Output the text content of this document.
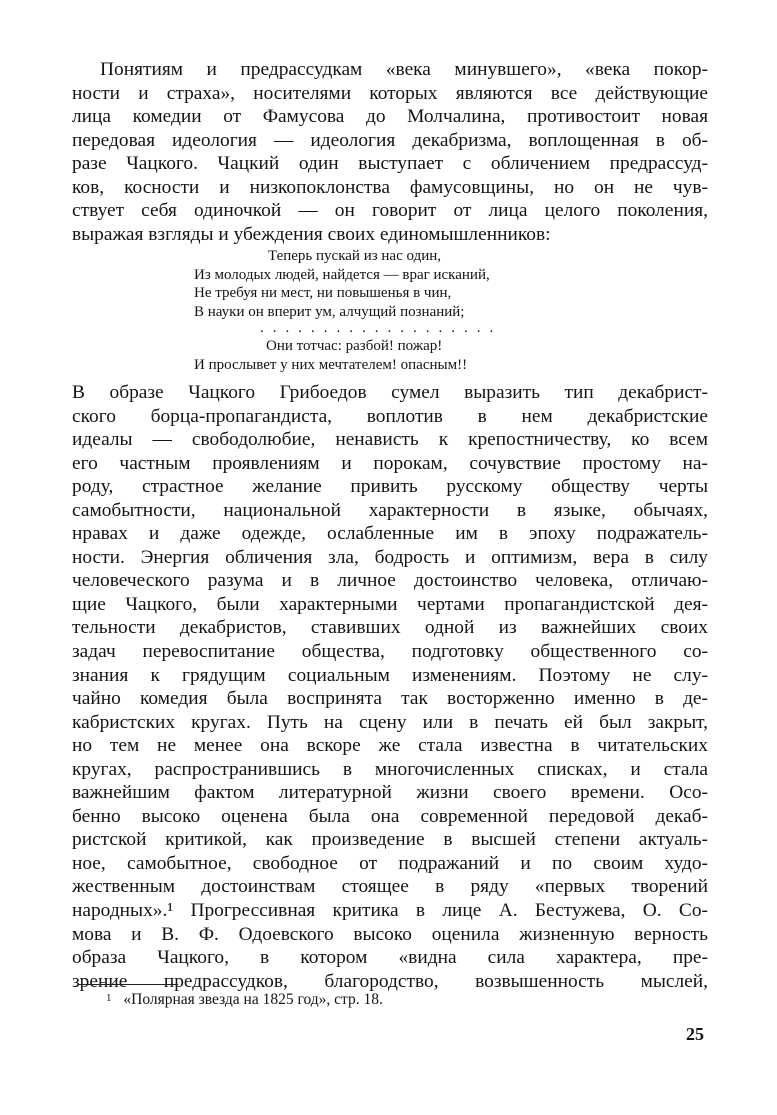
Понятиям и предрассудкам «века минувшего», «века покор-
ности и страха», носителями которых являются все действующие
лица комедии от Фамусова до Молчалина, противостоит новая
передовая идеология — идеология декабризма, воплощенная в об-
разе Чацкого. Чацкий один выступает с обличением предрассуд-
ков, косности и низкопоклонства фамусовщины, но он не чув-
ствует себя одиночкой — он говорит от лица целого поколения,
выражая взгляды и убеждения своих единомышленников:
Теперь пускай из нас один,
Из молодых людей, найдется — враг исканий,
Не требуя ни мест, ни повышенья в чин,
В науки он вперит ум, алчущий познаний;
...................
Они тотчас: разбой! пожар!
И прослывет у них мечтателем! опасным!!
В образе Чацкого Грибоедов сумел выразить тип декабрист-
ского борца-пропагандиста, воплотив в нем декабристские
идеалы — свободолюбие, ненависть к крепостничеству, ко всем
его частным проявлениям и порокам, сочувствие простому на-
роду, страстное желание привить русскому обществу черты
самобытности, национальной характерности в языке, обычаях,
нравах и даже одежде, ослабленные им в эпоху подражатель-
ности. Энергия обличения зла, бодрость и оптимизм, вера в силу
человеческого разума и в личное достоинство человека, отличаю-
щие Чацкого, были характерными чертами пропагандистской дея-
тельности декабристов, ставивших одной из важнейших своих
задач перевоспитание общества, подготовку общественного со-
знания к грядущим социальным изменениям. Поэтому не слу-
чайно комедия была воспринята так восторженно именно в де-
кабристских кругах. Путь на сцену или в печать ей был закрыт,
но тем не менее она вскоре же стала известна в читательских
кругах, распространившись в многочисленных списках, и стала
важнейшим фактом литературной жизни своего времени. Осо-
бенно высоко оценена была она современной передовой декаб-
ристской критикой, как произведение в высшей степени актуаль-
ное, самобытное, свободное от подражаний и по своим худо-
жественным достоинствам стоящее в ряду «первых творений
народных».¹ Прогрессивная критика в лице А. Бестужева, О. Со-
мова и В. Ф. Одоевского высоко оценила жизненную верность
образа Чацкого, в котором «видна сила характера, пре-
зрение предрассудков, благородство, возвышенность мыслей,
$^1$ «Полярная звезда на 1825 год», стр. 18.
25
